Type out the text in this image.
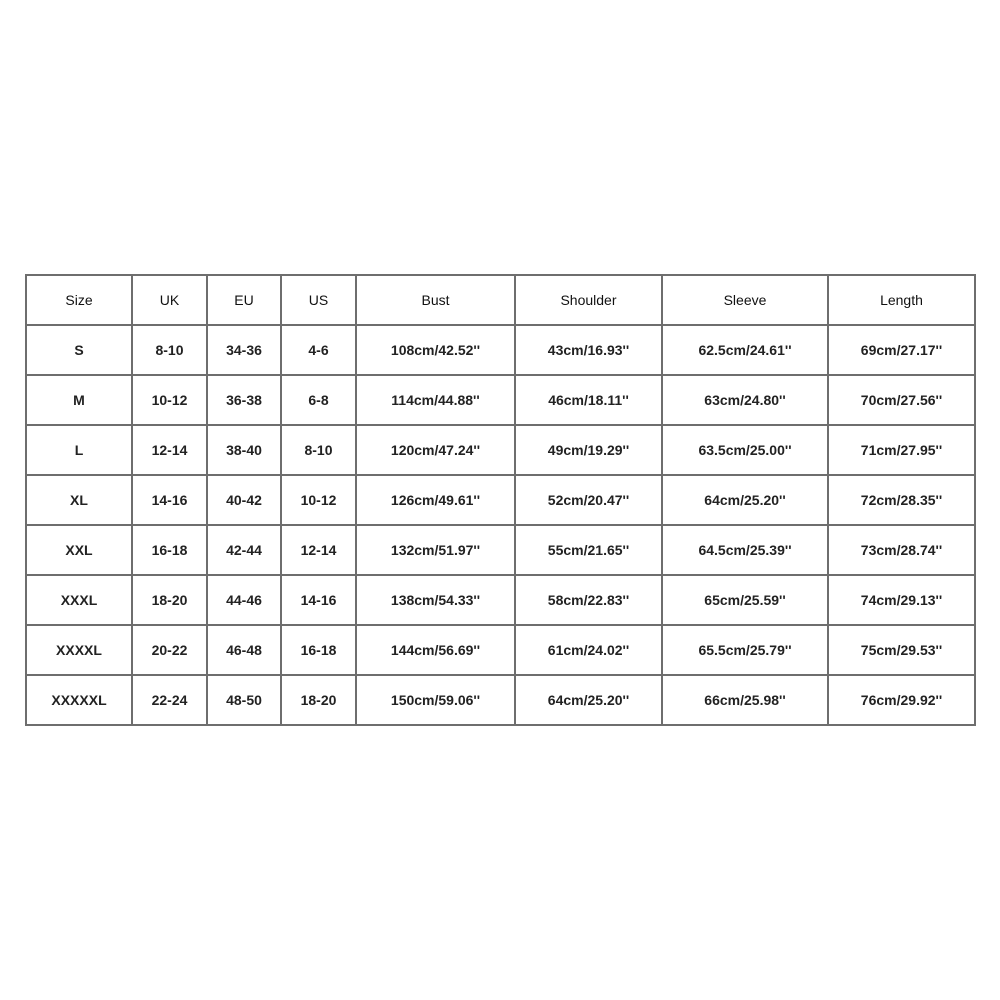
Size	UK	EU	US	Bust	Shoulder	Sleeve	Length
S	8-10	34-36	4-6	108cm/42.52''	43cm/16.93''	62.5cm/24.61''	69cm/27.17''
M	10-12	36-38	6-8	114cm/44.88''	46cm/18.11''	63cm/24.80''	70cm/27.56''
L	12-14	38-40	8-10	120cm/47.24''	49cm/19.29''	63.5cm/25.00''	71cm/27.95''
XL	14-16	40-42	10-12	126cm/49.61''	52cm/20.47''	64cm/25.20''	72cm/28.35''
XXL	16-18	42-44	12-14	132cm/51.97''	55cm/21.65''	64.5cm/25.39''	73cm/28.74''
XXXL	18-20	44-46	14-16	138cm/54.33''	58cm/22.83''	65cm/25.59''	74cm/29.13''
XXXXL	20-22	46-48	16-18	144cm/56.69''	61cm/24.02''	65.5cm/25.79''	75cm/29.53''
XXXXXL	22-24	48-50	18-20	150cm/59.06''	64cm/25.20''	66cm/25.98''	76cm/29.92''
